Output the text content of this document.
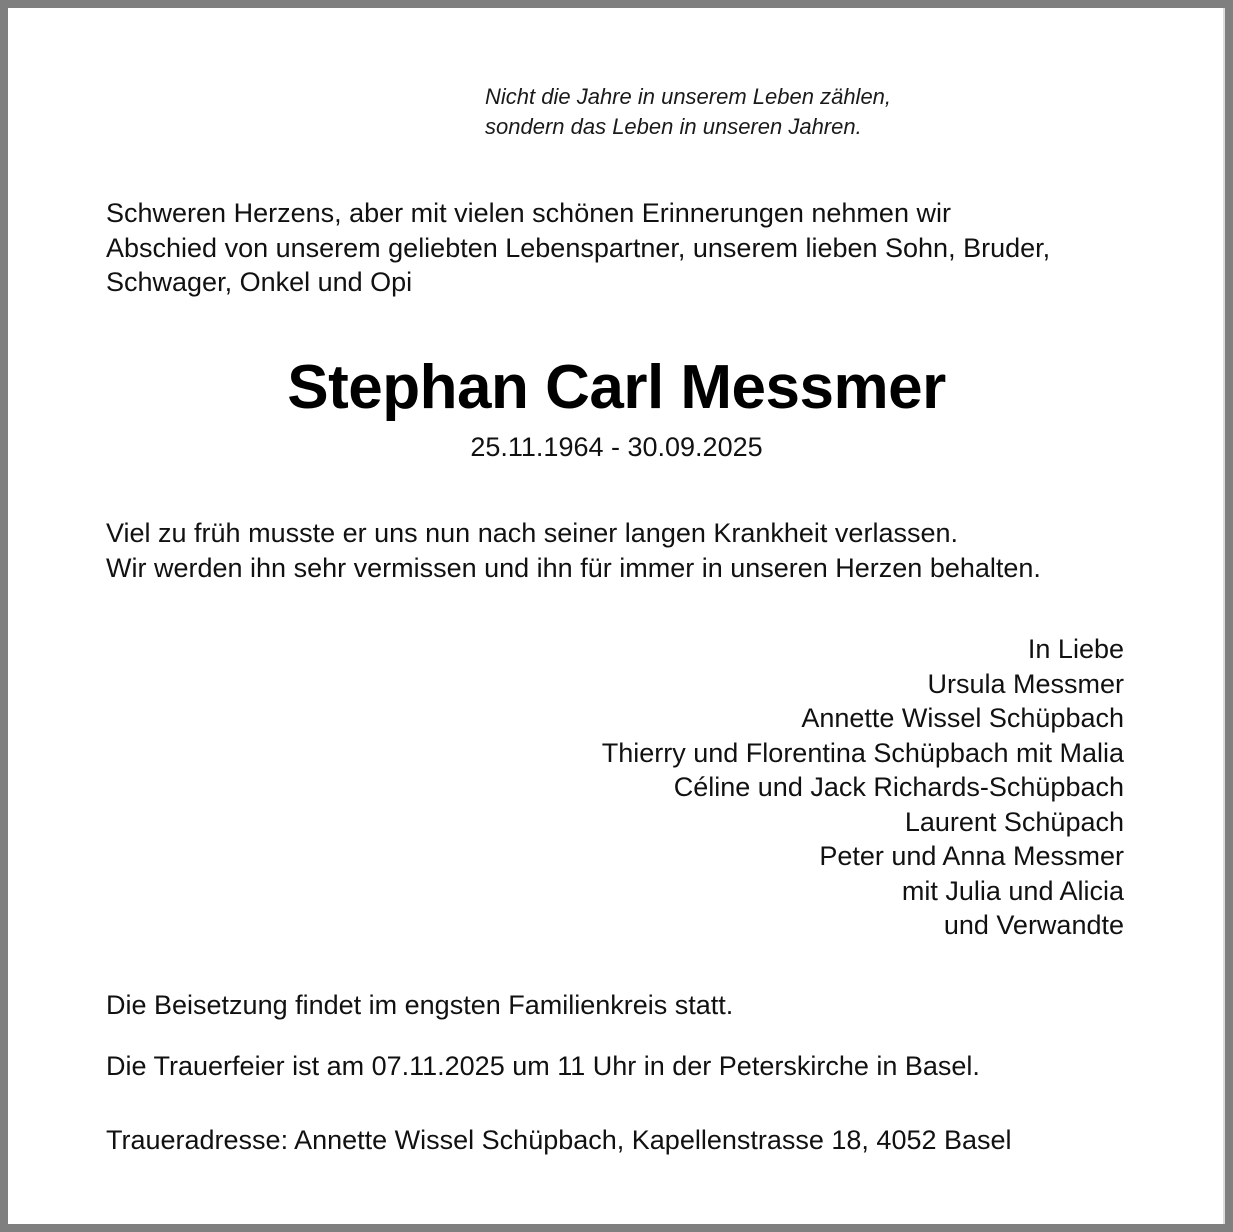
Nicht die Jahre in unserem Leben zählen,
sondern das Leben in unseren Jahren.
Schweren Herzens, aber mit vielen schönen Erinnerungen nehmen wir
Abschied von unserem geliebten Lebenspartner, unserem lieben Sohn, Bruder,
Schwager, Onkel und Opi
Stephan Carl Messmer
25.11.1964 - 30.09.2025
Viel zu früh musste er uns nun nach seiner langen Krankheit verlassen.
Wir werden ihn sehr vermissen und ihn für immer in unseren Herzen behalten.
In Liebe
Ursula Messmer
Annette Wissel Schüpbach
Thierry und Florentina Schüpbach mit Malia
Céline und Jack Richards-Schüpbach
Laurent Schüpach
Peter und Anna Messmer
mit Julia und Alicia
und Verwandte
Die Beisetzung findet im engsten Familienkreis statt.
Die Trauerfeier ist am 07.11.2025 um 11 Uhr in der Peterskirche in Basel.
Traueradresse: Annette Wissel Schüpbach, Kapellenstrasse 18, 4052 Basel
